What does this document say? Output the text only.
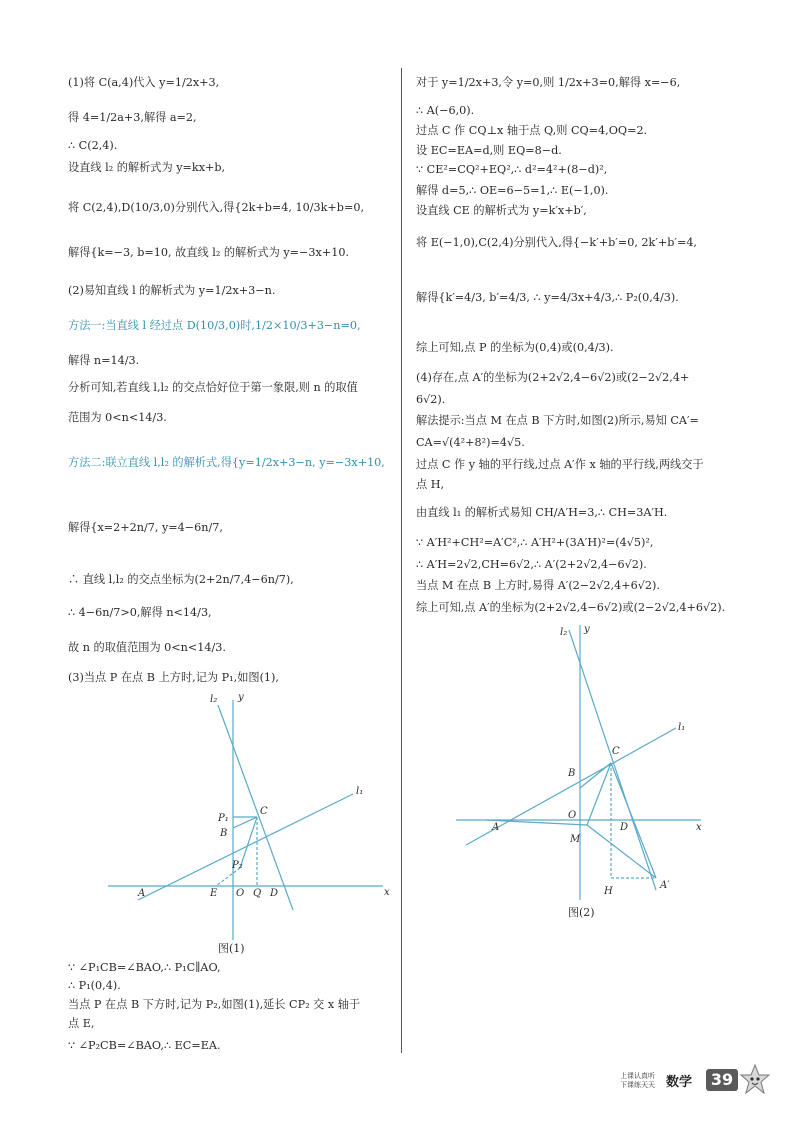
(1)将 C(a,4)代入 y=1/2x+3,
得 4=1/2a+3,解得 a=2,
∴ C(2,4).
设直线 l₂ 的解析式为 y=kx+b,
将 C(2,4),D(10/3,0)分别代入,得{2k+b=4, 10/3k+b=0,
解得{k=−3, b=10, 故直线 l₂ 的解析式为 y=−3x+10.
(2)易知直线 l 的解析式为 y=1/2x+3−n.
方法一:当直线 l 经过点 D(10/3,0)时,1/2×10/3+3−n=0,
解得 n=14/3.
分析可知,若直线 l,l₂ 的交点恰好位于第一象限,则 n 的取值
范围为 0<n<14/3.
方法二:联立直线 l,l₂ 的解析式,得{y=1/2x+3−n, y=−3x+10,
解得{x=2+2n/7, y=4−6n/7,
∴ 直线 l,l₂ 的交点坐标为(2+2n/7,4−6n/7),
∴ 4−6n/7>0,解得 n<14/3,
故 n 的取值范围为 0<n<14/3.
(3)当点 P 在点 B 上方时,记为 P₁,如图(1),
l₂ y
l₁
P₁
C
B
P₂
A	E O Q D	x
图(1)
∵ ∠P₁CB=∠BAO,∴ P₁C∥AO,
∴ P₁(0,4).
当点 P 在点 B 下方时,记为 P₂,如图(1),延长 CP₂ 交 x 轴于
点 E,
∵ ∠P₂CB=∠BAO,∴ EC=EA.
对于 y=1/2x+3,令 y=0,则 1/2x+3=0,解得 x=−6,
∴ A(−6,0).
过点 C 作 CQ⊥x 轴于点 Q,则 CQ=4,OQ=2.
设 EC=EA=d,则 EQ=8−d.
∵ CE²=CQ²+EQ²,∴ d²=4²+(8−d)²,
解得 d=5,∴ OE=6−5=1,∴ E(−1,0).
设直线 CE 的解析式为 y=k′x+b′,
将 E(−1,0),C(2,4)分别代入,得{−k′+b′=0, 2k′+b′=4,
解得{k′=4/3, b′=4/3, ∴ y=4/3x+4/3,∴ P₂(0,4/3).
综上可知,点 P 的坐标为(0,4)或(0,4/3).
(4)存在,点 A′的坐标为(2+2√2,4−6√2)或(2−2√2,4+
6√2).
解法提示:当点 M 在点 B 下方时,如图(2)所示,易知 CA′=
CA=√(4²+8²)=4√5.
过点 C 作 y 轴的平行线,过点 A′作 x 轴的平行线,两线交于
点 H,
由直线 l₁ 的解析式易知 CH/A′H=3,∴ CH=3A′H.
∵ A′H²+CH²=A′C²,∴ A′H²+(3A′H)²=(4√5)²,
∴ A′H=2√2,CH=6√2,∴ A′(2+2√2,4−6√2).
当点 M 在点 B 上方时,易得 A′(2−2√2,4+6√2).
综上可知,点 A′的坐标为(2+2√2,4−6√2)或(2−2√2,4+6√2).
l₂ y
l₁
C
B
O
A
M
D	x
H
A′
图(2)
上课认真听
下课练天天 数学	39
